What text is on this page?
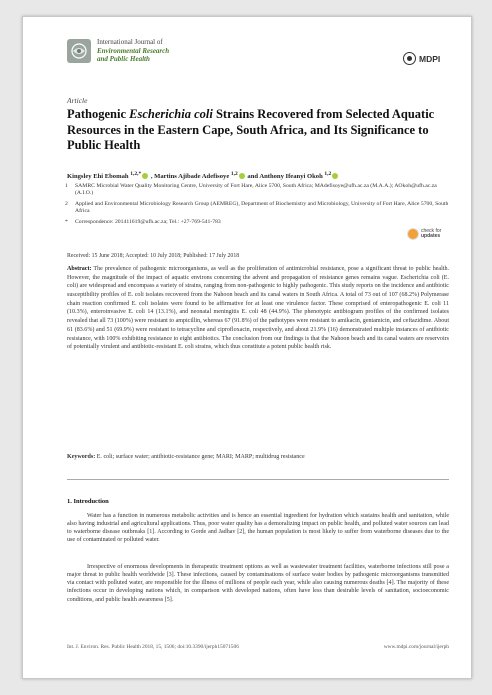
International Journal of
Environmental Research
and Public Health	MDPI
Article
Pathogenic Escherichia coli Strains Recovered from Selected Aquatic Resources in the Eastern Cape, South Africa, and Its Significance to Public Health
Kingsley Ehi Ebomah $^{1,2,*}$ , Martins Ajibade Adefisoye $^{1,2}$ and Anthony Ifeanyi Okoh $^{1,2}$
1 SAMRC Microbial Water Quality Monitoring Centre, University of Fort Hare, Alice 5700, South Africa; MAdefisoye@ufh.ac.za (M.A.A.); AOkoh@ufh.ac.za (A.I.O.)
2 Applied and Environmental Microbiology Research Group (AEMREG), Department of Biochemistry and Microbiology, University of Fort Hare, Alice 5700, South Africa
* Correspondence: 201411619@ufh.ac.za; Tel.: +27-769-541-783
check for
updates
Received: 15 June 2018; Accepted: 10 July 2018; Published: 17 July 2018
Abstract: The prevalence of pathogenic microorganisms, as well as the proliferation of antimicrobial resistance, pose a significant threat to public health. However, the magnitude of the impact of aquatic environs concerning the advent and propagation of resistance genes remains vague. Escherichia coli (E. coli) are widespread and encompass a variety of strains, ranging from non-pathogenic to highly pathogenic. This study reports on the incidence and antibiotic susceptibility profiles of E. coli isolates recovered from the Nahoon beach and its canal waters in South Africa. A total of 73 out of 107 (68.2%) Polymerase chain reaction confirmed E. coli isolates were found to be affirmative for at least one virulence factor. These comprised of enteropathogenic E. coli 11 (10.3%), enteroinvasive E. coli 14 (13.1%), and neonatal meningitis E. coli 48 (44.9%). The phenotypic antibiogram profiles of the confirmed isolates revealed that all 73 (100%) were resistant to ampicillin, whereas 67 (91.8%) of the pathotypes were resistant to amikacin, gentamicin, and ceftazidime. About 61 (83.6%) and 51 (69.9%) were resistant to tetracycline and ciprofloxacin, respectively, and about 21.9% (16) demonstrated multiple instances of antibiotic resistance, with 100% exhibiting resistance to eight antibiotics. The conclusion from our findings is that the Nahoon beach and its canal waters are reservoirs of potentially virulent and antibiotic-resistant E. coli strains, which thus constitute a potent public health risk.
Keywords: E. coli; surface water; antibiotic-resistance gene; MARI; MARP; multidrug resistance
1. Introduction
Water has a function in numerous metabolic activities and is hence an essential ingredient for hydration which sustains health and sanitation, while also having industrial and agricultural applications. Thus, poor water quality has a demoralizing impact on public health, and polluted water sources can lead to waterborne disease outbreaks [1]. According to Gorde and Jadhav [2], the human population is most likely to suffer from waterborne diseases due to the use of contaminated or polluted water.
Irrespective of enormous developments in therapeutic treatment options as well as wastewater treatment facilities, waterborne infections still pose a major threat to public health worldwide [3]. These infections, caused by contaminations of surface water bodies by pathogenic microorganisms transmitted via contact with polluted water, are responsible for the illness of millions of people each year, while also causing numerous deaths [4]. The majority of these infections occur in developing nations which, in comparison with developed nations, often have less than desirable levels of sanitation, socioeconomic conditions, and public health awareness [5].
Int. J. Environ. Res. Public Health 2018, 15, 1506; doi:10.3390/ijerph15071506	www.mdpi.com/journal/ijerph
